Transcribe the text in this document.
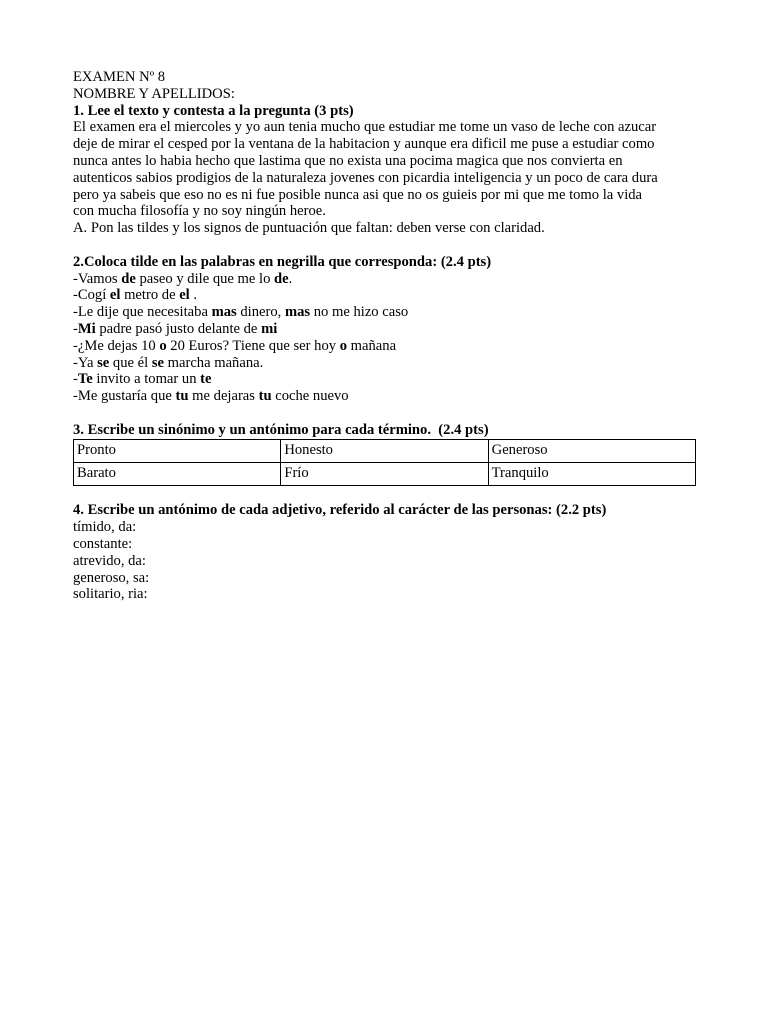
EXAMEN Nº 8
NOMBRE Y APELLIDOS:
1. Lee el texto y contesta a la pregunta (3 pts)
El examen era el miercoles y yo aun tenia mucho que estudiar me tome un vaso de leche con azucar
deje de mirar el cesped por la ventana de la habitacion y aunque era dificil me puse a estudiar como
nunca antes lo habia hecho que lastima que no exista una pocima magica que nos convierta en
autenticos sabios prodigios de la naturaleza jovenes con picardia inteligencia y un poco de cara dura
pero ya sabeis que eso no es ni fue posible nunca asi que no os guieis por mi que me tomo la vida
con mucha filosofía y no soy ningún heroe.
A. Pon las tildes y los signos de puntuación que faltan: deben verse con claridad.
2.Coloca tilde en las palabras en negrilla que corresponda: (2.4 pts)
-Vamos de paseo y dile que me lo de.
-Cogí el metro de el .
-Le dije que necesitaba mas dinero, mas no me hizo caso
-Mi padre pasó justo delante de mi
-¿Me dejas 10 o 20 Euros? Tiene que ser hoy o mañana
-Ya se que él se marcha mañana.
-Te invito a tomar un te
-Me gustaría que tu me dejaras tu coche nuevo
3. Escribe un sinónimo y un antónimo para cada término.  (2.4 pts)
Pronto	Honesto	Generoso
Barato	Frío	Tranquilo
4. Escribe un antónimo de cada adjetivo, referido al carácter de las personas: (2.2 pts)
tímido, da:
constante:
atrevido, da:
generoso, sa:
solitario, ria:
